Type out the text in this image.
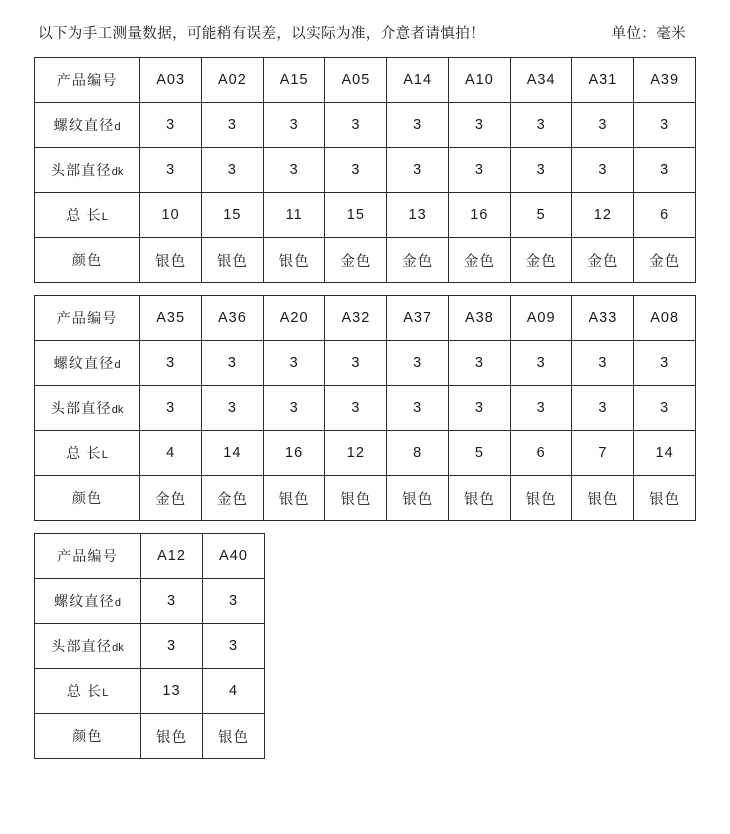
以下为手工测量数据，可能稍有误差，以实际为准，介意者请慎拍！	单位：毫米
产品编号	A03	A02	A15	A05	A14	A10	A34	A31	A39
螺纹直径d	3	3	3	3	3	3	3	3	3
头部直径dk	3	3	3	3	3	3	3	3	3
总 长L	10	15	11	15	13	16	5	12	6
颜色	银色	银色	银色	金色	金色	金色	金色	金色	金色
产品编号	A35	A36	A20	A32	A37	A38	A09	A33	A08
螺纹直径d	3	3	3	3	3	3	3	3	3
头部直径dk	3	3	3	3	3	3	3	3	3
总 长L	4	14	16	12	8	5	6	7	14
颜色	金色	金色	银色	银色	银色	银色	银色	银色	银色
产品编号	A12	A40
螺纹直径d	3	3
头部直径dk	3	3
总 长L	13	4
颜色	银色	银色
